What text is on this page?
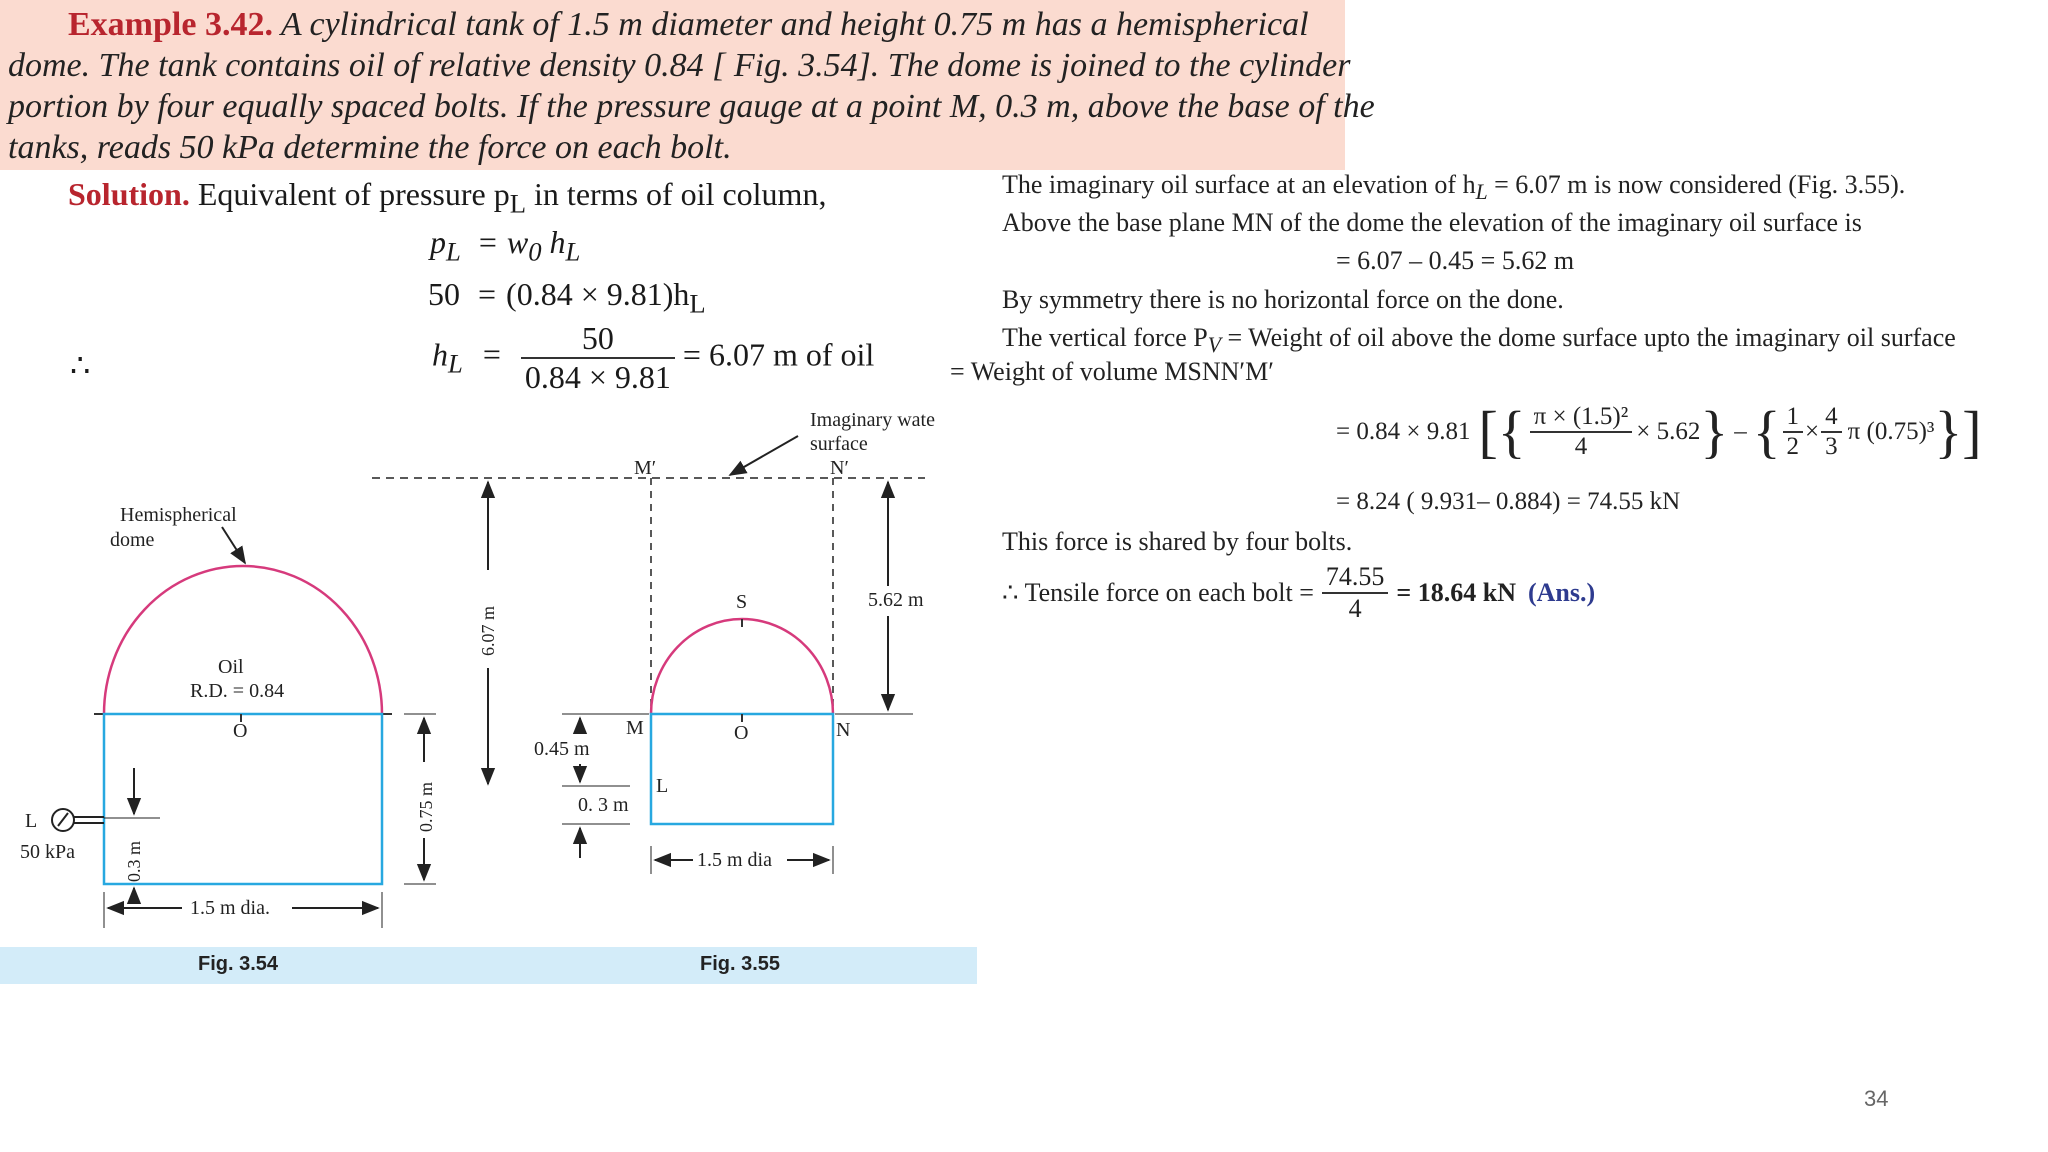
Example 3.42. A cylindrical tank of 1.5 m diameter and height 0.75 m has a hemispherical
dome. The tank contains oil of relative density 0.84 [ Fig. 3.54]. The dome is joined to the cylinder
portion by four equally spaced bolts. If the pressure gauge at a point M, 0.3 m, above the base of the
tanks, reads 50 kPa determine the force on each bolt.
Solution. Equivalent of pressure $p_L$ in terms of oil column,
$p_L = w_0$ $h_L$
$50 = (0.84 \times 9.81)h_L$
∴	$h_L = \frac{50}{0.84 \times 9.81} = 6.07$ m of oil
O
Hemispherical
dome
Oil
R.D. = 0.84
L
50 kPa	0.3 m
0.75 m
1.5 m dia.
6.07 m
M′	N′
Imaginary wate
surface
S
O
M	N
L
5.62 m
0.45 m
0. 3 m
1.5 m dia
Fig. 3.54	Fig. 3.55
The imaginary oil surface at an elevation of $h_L = 6.07$ m is now considered (Fig. 3.55).
Above the base plane MN of the dome the elevation of the imaginary oil surface is
= 6.07 – 0.45 = 5.62 m
By symmetry there is no horizontal force on the done.
The vertical force $P_V$ = Weight of oil above the dome surface upto the imaginary oil surface
= Weight of volume MSNN′M′
= 0.84 × 9.81 [ { $\frac{\text{π × (1.5)²}}{4} \times 5.62$ } – { $\frac{1}{2} \times \frac{4}{3}$ π (0.75)³ } ]
= 8.24 ( 9.931– 0.884) = 74.55 kN
This force is shared by four bolts.
∴ Tensile force on each bolt = $\frac{74.55}{4} = 18.64$ kN (Ans.)
34
